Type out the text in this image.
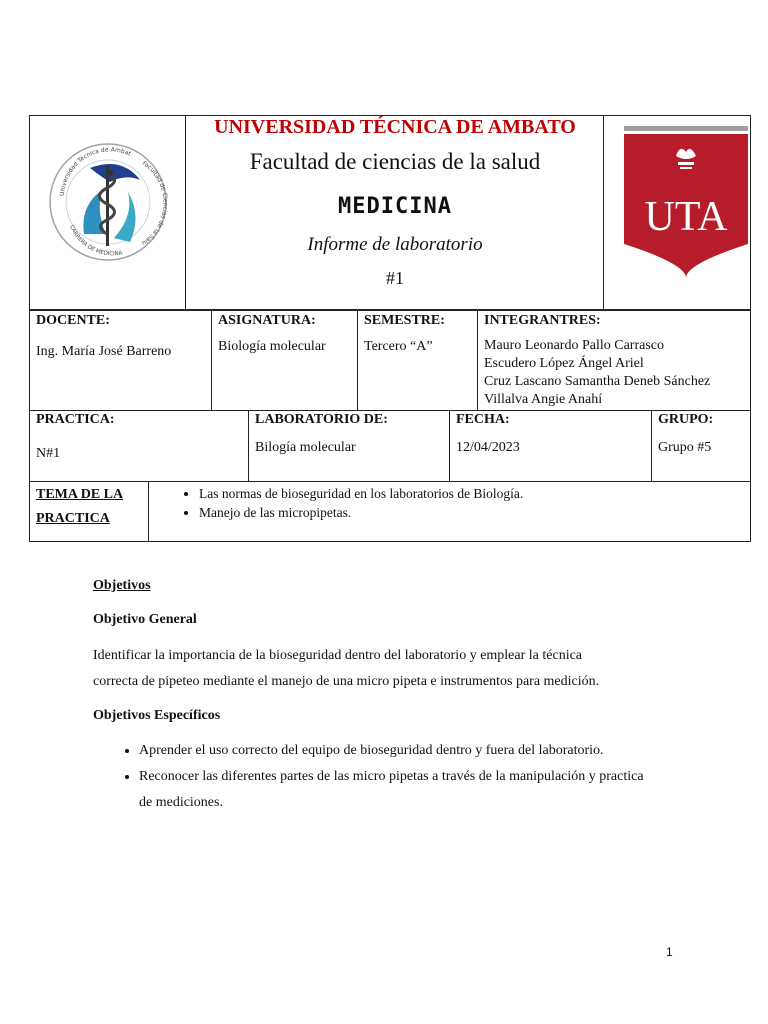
Universidad Técnica de Ambat
Facultad de Ciencias de la Salu
CARRERA DE MEDICINA
UNIVERSIDAD TÉCNICA DE AMBATO
Facultad de ciencias de la salud
MEDICINA
Informe de laboratorio
#1
UTA
DOCENTE:
Ing. María José Barreno
ASIGNATURA:
Biología molecular
SEMESTRE:
Tercero “A”
INTEGRANTRES:
Mauro Leonardo Pallo Carrasco
Escudero López Ángel Ariel
Cruz Lascano Samantha Deneb Sánchez
Villalva Angie Anahí
PRACTICA:
N#1
LABORATORIO DE:
Bilogía molecular
FECHA:
12/04/2023
GRUPO:
Grupo #5
TEMA DE LA
PRACTICA
• Las normas de bioseguridad en los laboratorios de Biología.
• Manejo de las micropipetas.
Objetivos
Objetivo General
Identificar la importancia de la bioseguridad dentro del laboratorio y emplear la técnica
correcta de pipeteo mediante el manejo de una micro pipeta e instrumentos para medición.
Objetivos Específicos
• Aprender el uso correcto del equipo de bioseguridad dentro y fuera del laboratorio.
• Reconocer las diferentes partes de las micro pipetas a través de la manipulación y practica de mediciones.
1
